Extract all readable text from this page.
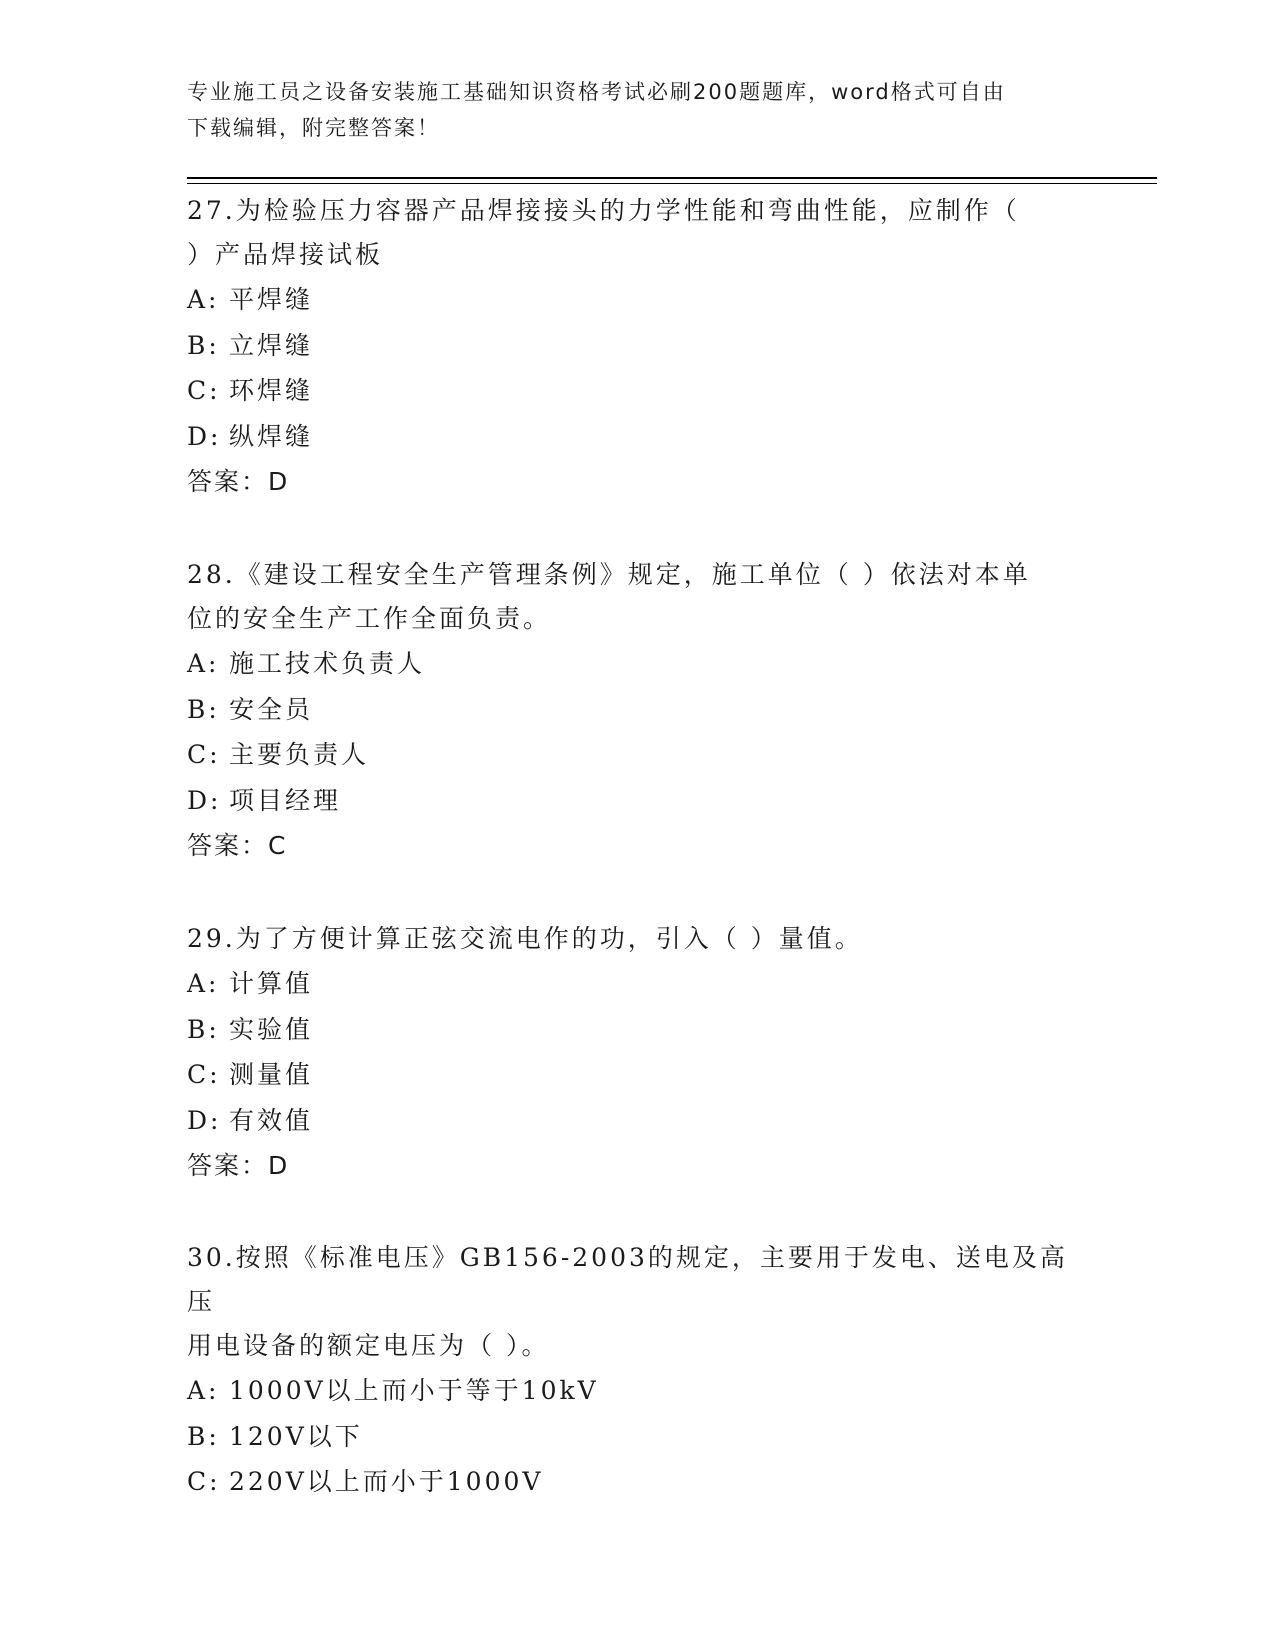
专业施工员之设备安装施工基础知识资格考试必刷200题题库，word格式可自由
下载编辑，附完整答案！

27.为检验压力容器产品焊接接头的力学性能和弯曲性能，应制作（

）产品焊接试板

A: 平焊缝

B: 立焊缝

C: 环焊缝

D: 纵焊缝

答案：D

28.《建设工程安全生产管理条例》规定，施工单位（ ）依法对本单

位的安全生产工作全面负责。

A: 施工技术负责人

B: 安全员

C: 主要负责人

D: 项目经理

答案：C

29.为了方便计算正弦交流电作的功，引入（ ）量值。

A: 计算值

B: 实验值

C: 测量值

D: 有效值

答案：D

30.按照《标准电压》GB156-2003的规定，主要用于发电、送电及高压

用电设备的额定电压为（ ）。

A: 1000V以上而小于等于10kV

B: 120V以下

C: 220V以上而小于1000V
